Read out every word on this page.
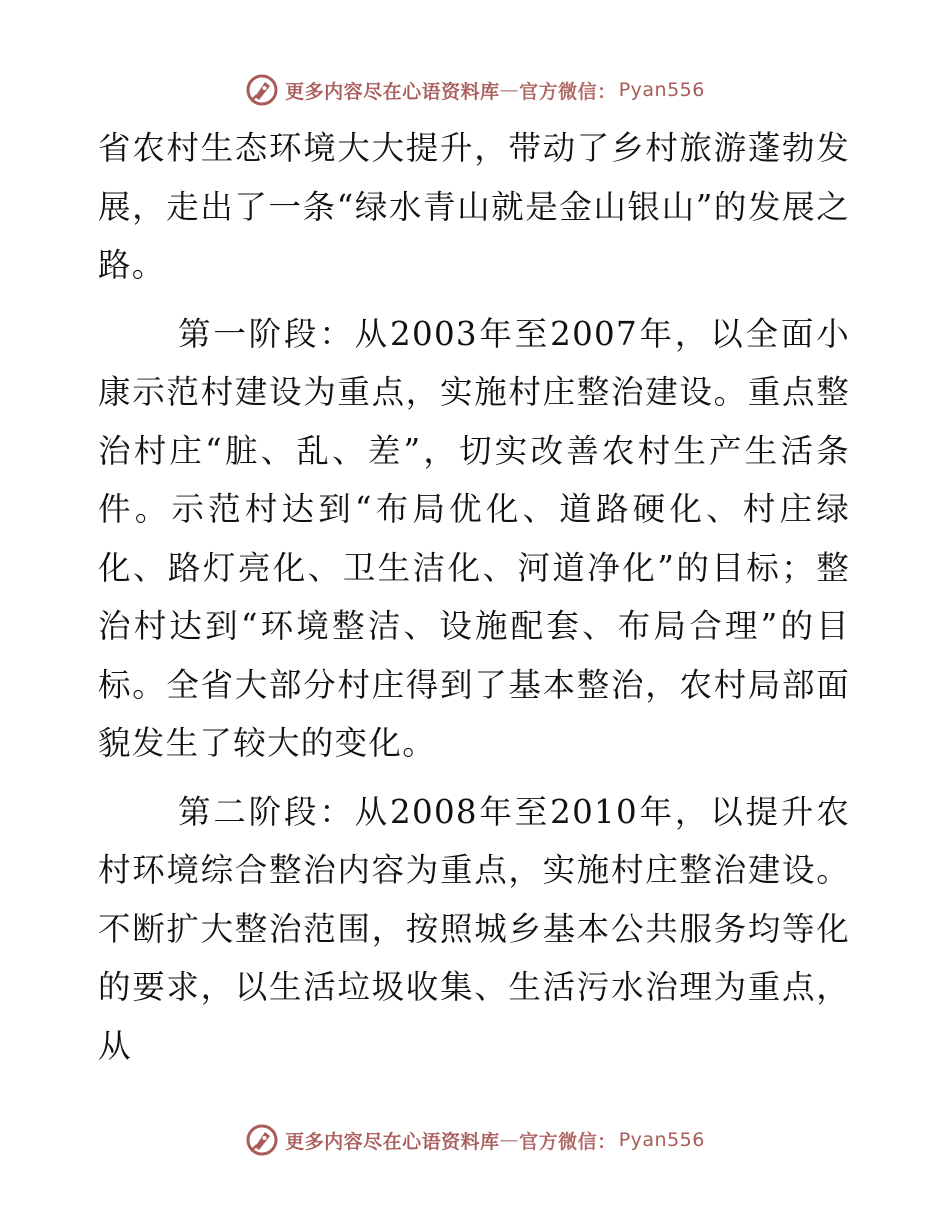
更多内容尽在心语资料库 — 官方微信： Pyan556

省农村生态环境大大提升，带动了乡村旅游蓬勃发展，走出了一条“绿水青山就是金山银山”的发展之路。

第一阶段：从2003年至2007年，以全面小康示范村建设为重点，实施村庄整治建设。重点整治村庄“脏、乱、差”，切实改善农村生产生活条件。示范村达到“布局优化、道路硬化、村庄绿化、路灯亮化、卫生洁化、河道净化”的目标；整治村达到“环境整洁、设施配套、布局合理”的目标。全省大部分村庄得到了基本整治，农村局部面貌发生了较大的变化。

第二阶段：从2008年至2010年，以提升农村环境综合整治内容为重点，实施村庄整治建设。不断扩大整治范围，按照城乡基本公共服务均等化的要求，以生活垃圾收集、生活污水治理为重点，从

更多内容尽在心语资料库 — 官方微信： Pyan556
